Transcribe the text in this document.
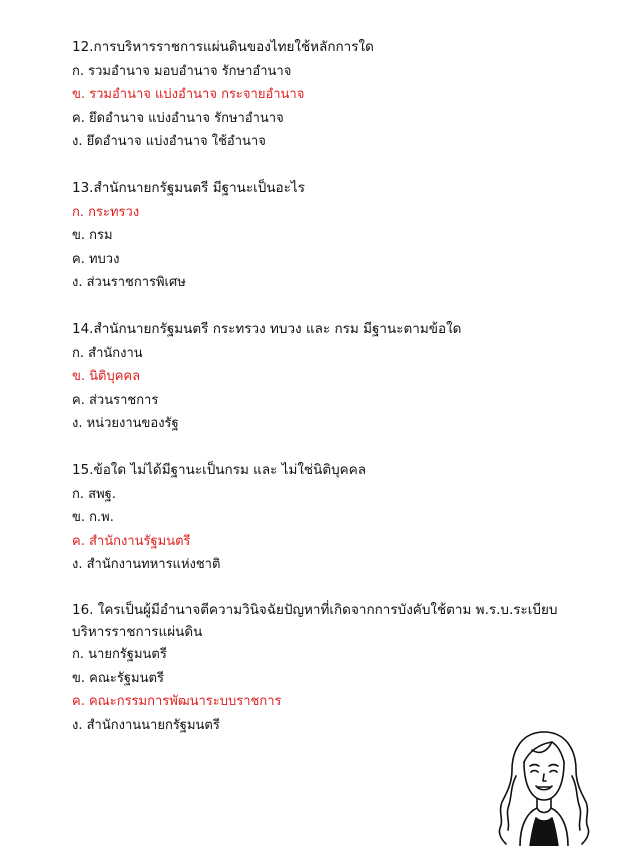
12.การบริหารราชการแผ่นดินของไทยใช้หลักการใด
ก. รวมอำนาจ มอบอำนาจ รักษาอำนาจ
ข. รวมอำนาจ แบ่งอำนาจ กระจายอำนาจ
ค. ยึดอำนาจ แบ่งอำนาจ รักษาอำนาจ
ง. ยึดอำนาจ แบ่งอำนาจ ใช้อำนาจ
13.สำนักนายกรัฐมนตรี มีฐานะเป็นอะไร
ก. กระทรวง
ข. กรม
ค. ทบวง
ง. ส่วนราชการพิเศษ
14.สำนักนายกรัฐมนตรี กระทรวง ทบวง และ กรม มีฐานะตามข้อใด
ก. สำนักงาน
ข. นิติบุคคล
ค. ส่วนราชการ
ง. หน่วยงานของรัฐ
15.ข้อใด ไม่ได้มีฐานะเป็นกรม และ ไม่ใช่นิติบุคคล
ก. สพฐ.
ข. ก.พ.
ค. สำนักงานรัฐมนตรี
ง. สำนักงานทหารแห่งชาติ
16. ใครเป็นผู้มีอำนาจตีความวินิจฉัยปัญหาที่เกิดจากการบังคับใช้ตาม พ.ร.บ.ระเบียบบริหารราชการแผ่นดิน
ก. นายกรัฐมนตรี
ข. คณะรัฐมนตรี
ค. คณะกรรมการพัฒนาระบบราชการ
ง. สำนักงานนายกรัฐมนตรี
